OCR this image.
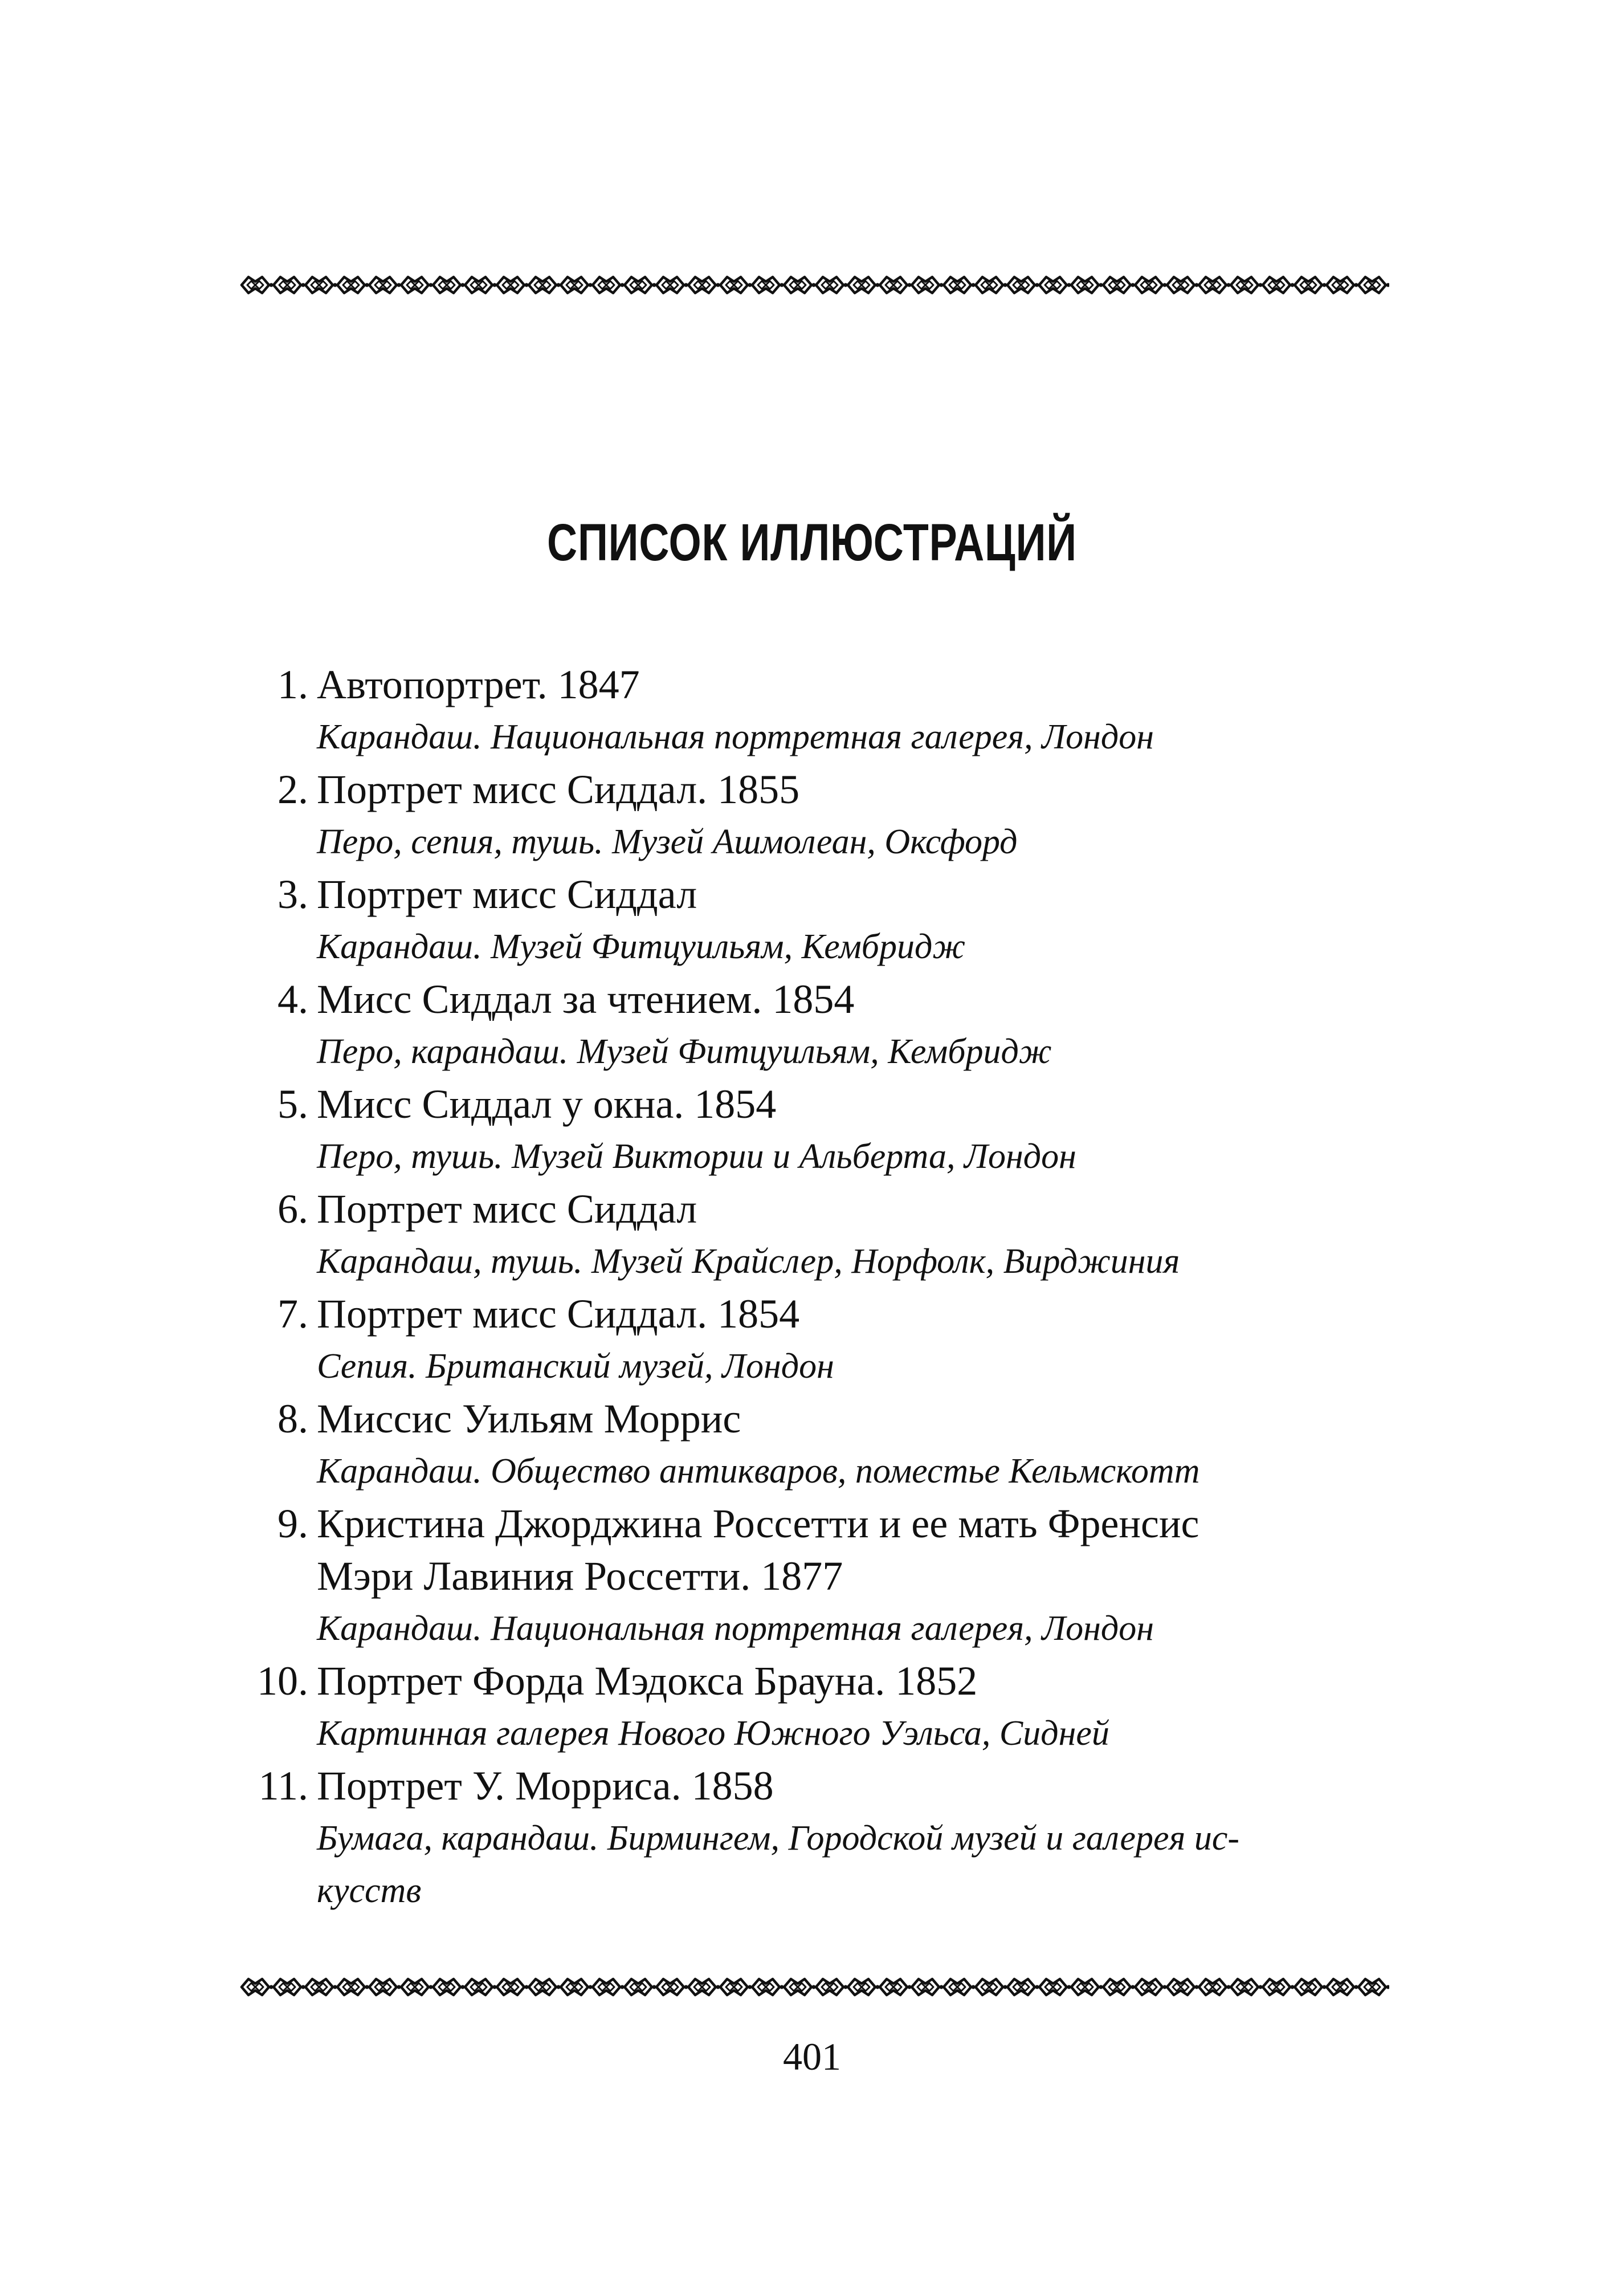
СПИСОК ИЛЛЮСТРАЦИЙ
1. Автопортрет. 1847
Карандаш. Национальная портретная галерея, Лондон
2. Портрет мисс Сиддал. 1855
Перо, сепия, тушь. Музей Ашмолеан, Оксфорд
3. Портрет мисс Сиддал
Карандаш. Музей Фитцуильям, Кембридж
4. Мисс Сиддал за чтением. 1854
Перо, карандаш. Музей Фитцуильям, Кембридж
5. Мисс Сиддал у окна. 1854
Перо, тушь. Музей Виктории и Альберта, Лондон
6. Портрет мисс Сиддал
Карандаш, тушь. Музей Крайслер, Норфолк, Вирджиния
7. Портрет мисс Сиддал. 1854
Сепия. Британский музей, Лондон
8. Миссис Уильям Моррис
Карандаш. Общество антикваров, поместье Кельмскотт
9. Кристина Джорджина Россетти и ее мать Френсис
Мэри Лавиния Россетти. 1877
Карандаш. Национальная портретная галерея, Лондон
10. Портрет Форда Мэдокса Брауна. 1852
Картинная галерея Нового Южного Уэльса, Сидней
11. Портрет У. Морриса. 1858
Бумага, карандаш. Бирмингем, Городской музей и галерея ис-
кусств
401
